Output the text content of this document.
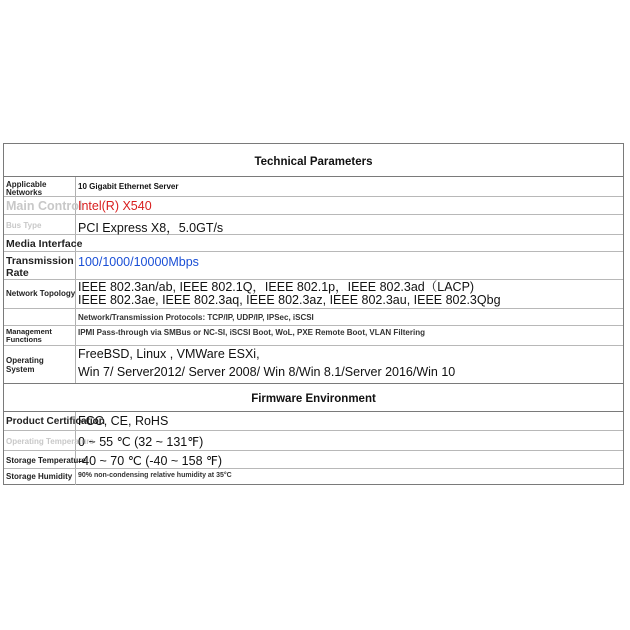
Technical Parameters
Applicable Networks
10 Gigabit Ethernet Server
Main Control
Intel(R) X540
Bus Type	PCI Express X8，5.0GT/s
Media Interface
Transmission Rate
100/1000/10000Mbps
Network Topology IEEE 802.3an/ab, IEEE 802.1Q，IEEE 802.1p，IEEE 802.3ad（LACP)
IEEE 802.3ae, IEEE 802.3aq, IEEE 802.3az, IEEE 802.3au, IEEE 802.3Qbg
Network/Transmission Protocols: TCP/IP, UDP/IP, IPSec, iSCSI
Management Functions
IPMI Pass-through via SMBus or NC-SI, iSCSI Boot, WoL, PXE Remote Boot, VLAN Filtering
Operating System
FreeBSD, Linux , VMWare ESXi,
Win 7/ Server2012/ Server 2008/ Win 8/Win 8.1/Server 2016/Win 10
Firmware Environment
Product Certification
FCC, CE, RoHS
Operating Temperature
0 ~ 55 ℃ (32 ~ 131℉)
Storage Temperature
-40 ~ 70 ℃ (-40 ~ 158 ℉)
Storage Humidity 90% non-condensing relative humidity at 35°C
